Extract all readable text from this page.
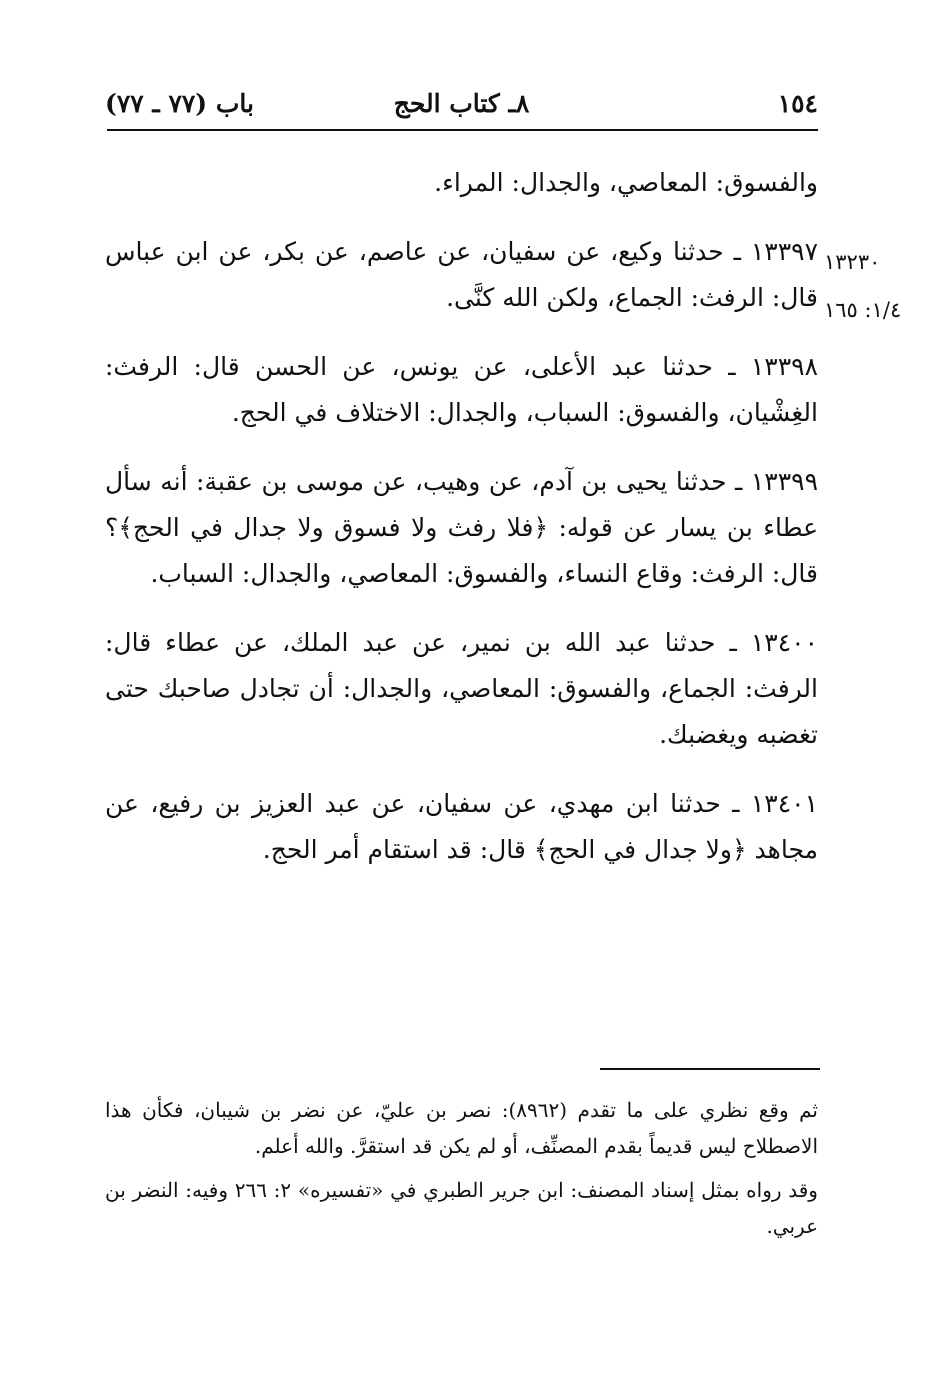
١٥٤
٨ـ كتاب الحج
باب (٧٧ ـ ٧٧)

والفسوق: المعاصي، والجدال: المراء.

١٣٣٩٧ ـ حدثنا وكيع، عن سفيان، عن عاصم، عن بكر، عن ابن عباس قال: الرفث: الجماع، ولكن الله كنَّى.

١٣٣٩٨ ـ حدثنا عبد الأعلى، عن يونس، عن الحسن قال: الرفث: الغِشْيان، والفسوق: السباب، والجدال: الاختلاف في الحج.

١٣٣٩٩ ـ حدثنا يحيى بن آدم، عن وهيب، عن موسى بن عقبة: أنه سأل عطاء بن يسار عن قوله: ﴿فلا رفث ولا فسوق ولا جدال في الحج﴾؟ قال: الرفث: وقاع النساء، والفسوق: المعاصي، والجدال: السباب.

١٣٤٠٠ ـ حدثنا عبد الله بن نمير، عن عبد الملك، عن عطاء قال: الرفث: الجماع، والفسوق: المعاصي، والجدال: أن تجادل صاحبك حتى تغضبه ويغضبك.

١٣٤٠١ ـ حدثنا ابن مهدي، عن سفيان، عن عبد العزيز بن رفيع، عن مجاهد ﴿ولا جدال في الحج﴾ قال: قد استقام أمر الحج.

١٣٢٣٠
١/٤: ١٦٥

ثم وقع نظري على ما تقدم (٨٩٦٢): نصر بن عليّ، عن نضر بن شيبان، فكأن هذا الاصطلاح ليس قديماً بقدم المصنِّف، أو لم يكن قد استقرَّ. والله أعلم.

وقد رواه بمثل إسناد المصنف: ابن جرير الطبري في «تفسيره» ٢: ٢٦٦ وفيه: النضر بن عربي.
